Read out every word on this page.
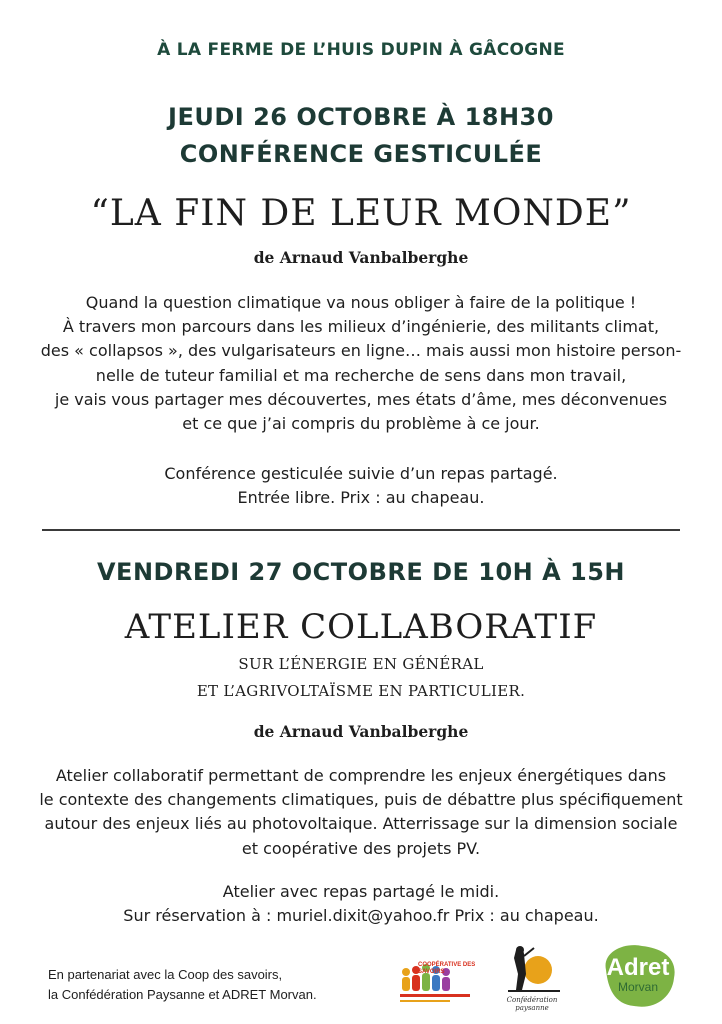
À LA FERME DE L’HUIS DUPIN À GÂCOGNE
JEUDI 26 OCTOBRE À 18H30
CONFÉRENCE GESTICULÉE
“LA FIN DE LEUR MONDE”
de Arnaud Vanbalberghe
Quand la question climatique va nous obliger à faire de la politique !
À travers mon parcours dans les milieux d’ingénierie, des militants climat,
des « collapsos », des vulgarisateurs en ligne… mais aussi mon histoire person-
nelle de tuteur familial et ma recherche de sens dans mon travail,
je vais vous partager mes découvertes, mes états d’âme, mes déconvenues
et ce que j’ai compris du problème à ce jour.
Conférence gesticulée suivie d’un repas partagé.
Entrée libre. Prix : au chapeau.
VENDREDI 27 OCTOBRE DE 10H À 15H
ATELIER COLLABORATIF
SUR L’ÉNERGIE EN GÉNÉRAL
ET L’AGRIVOLTAÏSME EN PARTICULIER.
de Arnaud Vanbalberghe
Atelier collaboratif permettant de comprendre les enjeux énergétiques dans
le contexte des changements climatiques, puis de débattre plus spécifiquement
autour des enjeux liés au photovoltaique. Atterrissage sur la dimension sociale
et coopérative des projets PV.
Atelier avec repas partagé le midi.
Sur réservation à : muriel.dixit@yahoo.fr Prix : au chapeau.
En partenariat avec la Coop des savoirs,
la Confédération Paysanne et ADRET Morvan.
COOPÉRATIVE DES SAVOIRS
Confédération paysanne
Adret
Morvan
